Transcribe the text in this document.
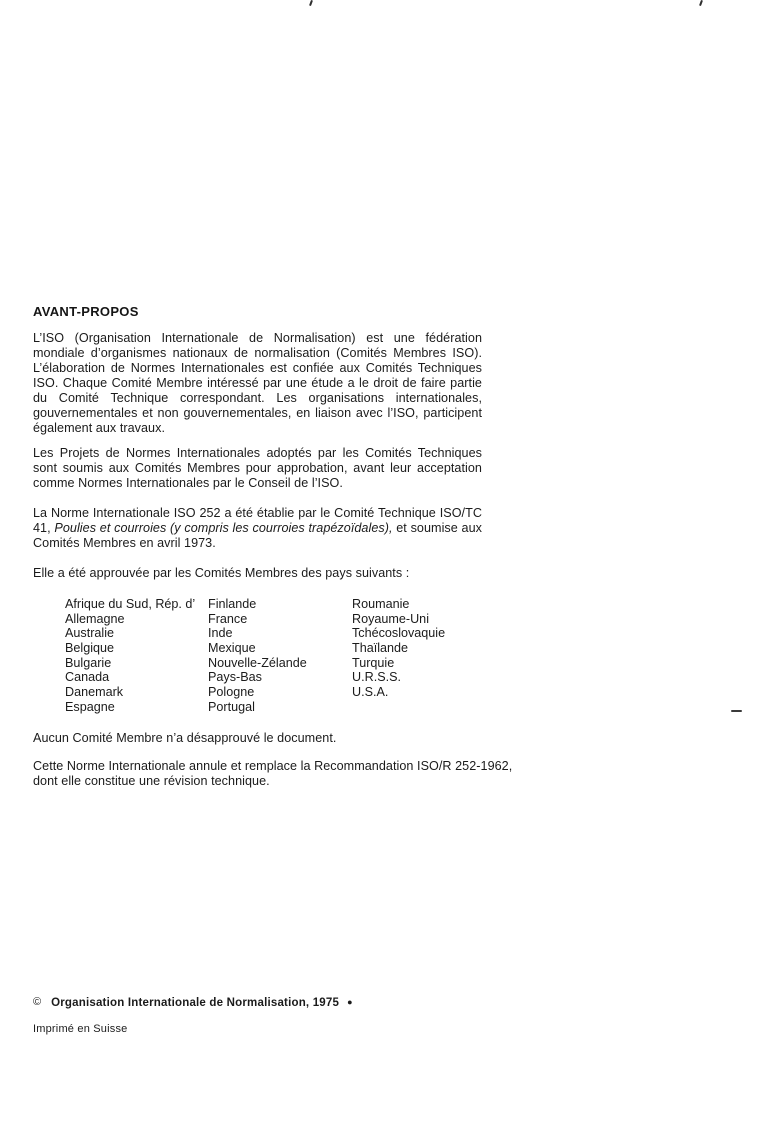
AVANT-PROPOS

L’ISO (Organisation Internationale de Normalisation) est une fédération mondiale d’organismes nationaux de normalisation (Comités Membres ISO). L’élaboration de Normes Internationales est confiée aux Comités Techniques ISO. Chaque Comité Membre intéressé par une étude a le droit de faire partie du Comité Technique correspondant. Les organisations internationales, gouvernementales et non gouvernementales, en liaison avec l’ISO, participent également aux travaux.

Les Projets de Normes Internationales adoptés par les Comités Techniques sont soumis aux Comités Membres pour approbation, avant leur acceptation comme Normes Internationales par le Conseil de l’ISO.

La Norme Internationale ISO 252 a été établie par le Comité Technique ISO/TC 41, Poulies et courroies (y compris les courroies trapézoïdales), et soumise aux Comités Membres en avril 1973.

Elle a été approuvée par les Comités Membres des pays suivants :

Afrique du Sud, Rép. d’
Allemagne
Australie
Belgique
Bulgarie
Canada
Danemark
Espagne
Finlande
France
Inde
Mexique
Nouvelle-Zélande
Pays-Bas
Pologne
Portugal
Roumanie
Royaume-Uni
Tchécoslovaquie
Thaïlande
Turquie
U.R.S.S.
U.S.A.

Aucun Comité Membre n’a désapprouvé le document.

Cette Norme Internationale annule et remplace la Recommandation ISO/R 252-1962, dont elle constitue une révision technique.

© Organisation Internationale de Normalisation, 1975 ●
Imprimé en Suisse
